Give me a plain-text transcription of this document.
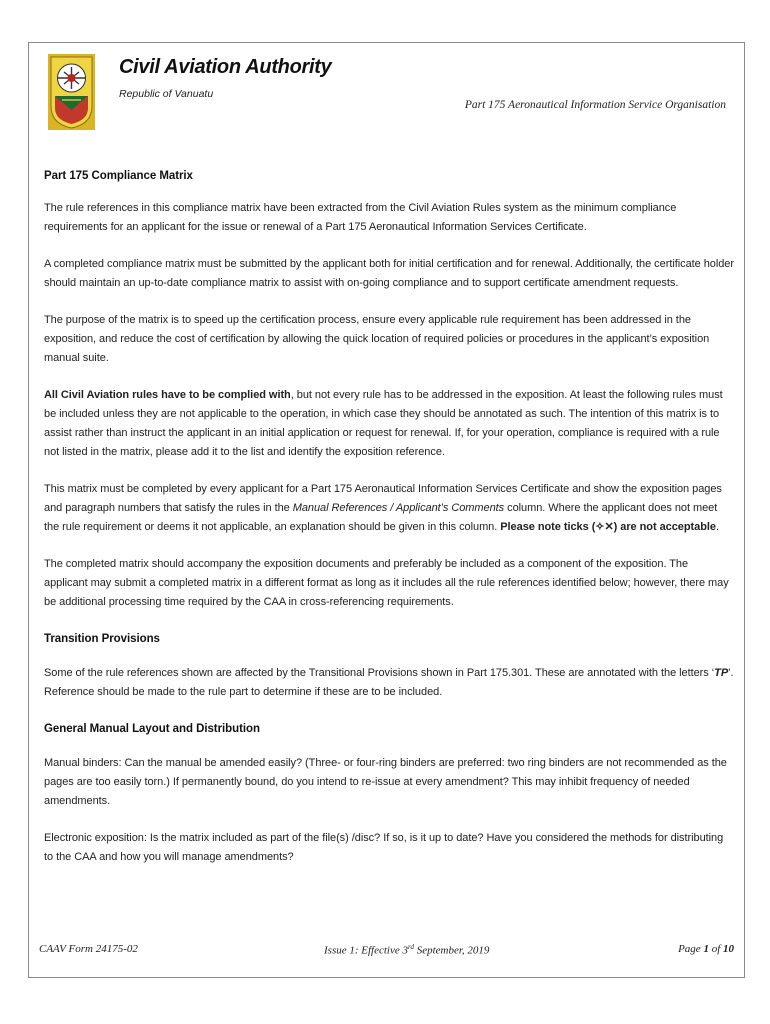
Civil Aviation Authority
Republic of Vanuatu
Part 175 Aeronautical Information Service Organisation
Part 175 Compliance Matrix

The rule references in this compliance matrix have been extracted from the Civil Aviation Rules system as the minimum compliance requirements for an applicant for the issue or renewal of a Part 175 Aeronautical Information Services Certificate.

A completed compliance matrix must be submitted by the applicant both for initial certification and for renewal. Additionally, the certificate holder should maintain an up-to-date compliance matrix to assist with on-going compliance and to support certificate amendment requests.

The purpose of the matrix is to speed up the certification process, ensure every applicable rule requirement has been addressed in the exposition, and reduce the cost of certification by allowing the quick location of required policies or procedures in the applicant’s exposition manual suite.

All Civil Aviation rules have to be complied with, but not every rule has to be addressed in the exposition. At least the following rules must be included unless they are not applicable to the operation, in which case they should be annotated as such. The intention of this matrix is to assist rather than instruct the applicant in an initial application or request for renewal. If, for your operation, compliance is required with a rule not listed in the matrix, please add it to the list and identify the exposition reference.

This matrix must be completed by every applicant for a Part 175 Aeronautical Information Services Certificate and show the exposition pages and paragraph numbers that satisfy the rules in the Manual References / Applicant’s Comments column. Where the applicant does not meet the rule requirement or deems it not applicable, an explanation should be given in this column. Please note ticks (✧✕) are not acceptable.

The completed matrix should accompany the exposition documents and preferably be included as a component of the exposition. The applicant may submit a completed matrix in a different format as long as it includes all the rule references identified below; however, there may be additional processing time required by the CAA in cross-referencing requirements.

Transition Provisions

Some of the rule references shown are affected by the Transitional Provisions shown in Part 175.301. These are annotated with the letters ‘TP’. Reference should be made to the rule part to determine if these are to be included.

General Manual Layout and Distribution

Manual binders: Can the manual be amended easily? (Three- or four-ring binders are preferred: two ring binders are not recommended as the pages are too easily torn.) If permanently bound, do you intend to re-issue at every amendment? This may inhibit frequency of needed amendments.

Electronic exposition: Is the matrix included as part of the file(s) /disc? If so, is it up to date? Have you considered the methods for distributing to the CAA and how you will manage amendments?

CAAV Form 24175-02	Issue 1: Effective 3rd September, 2019	Page 1 of 10
